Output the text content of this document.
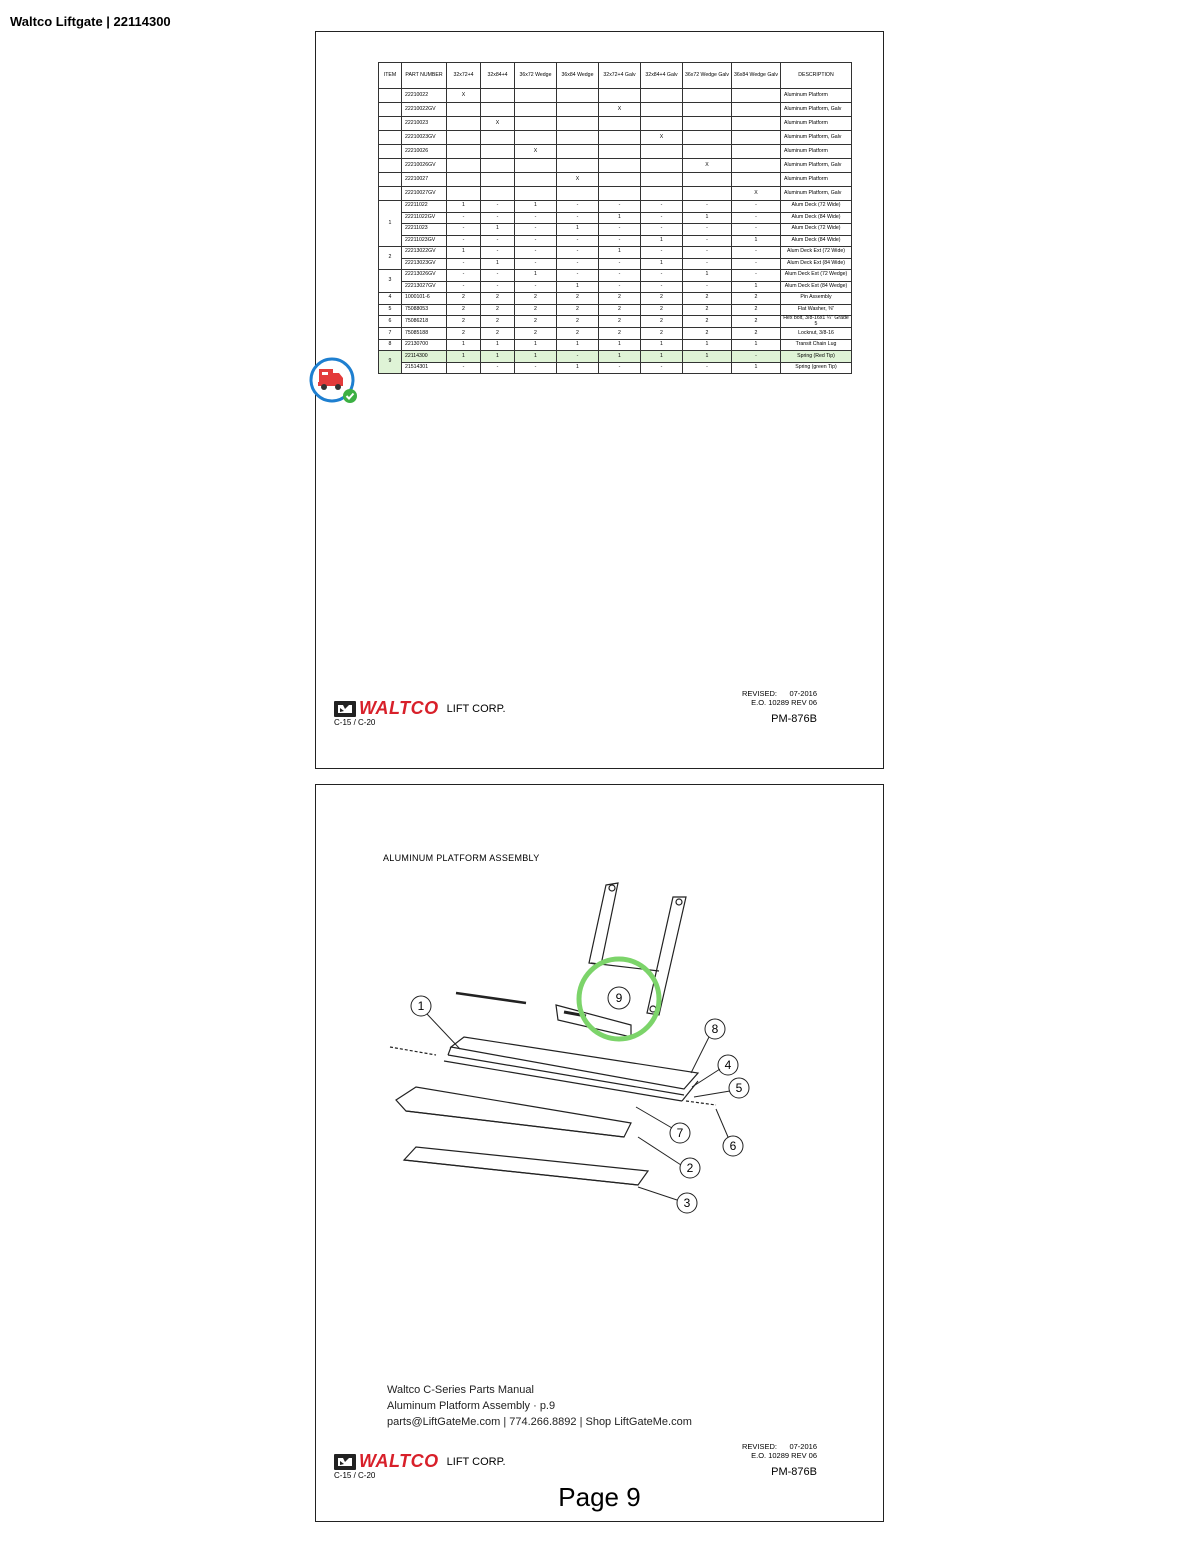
Waltco Liftgate | 22114300
ITEM	PART NUMBER	32x72+4	32x84+4	36x72 Wedge	36x84 Wedge	32x72+4 Galv	32x84+4 Galv	36x72 Wedge Galv	36x84 Wedge Galv	DESCRIPTION
	22210022	X								Aluminum Platform
	22210022GV					X				Aluminum Platform, Galv
	22210023		X							Aluminum Platform
	22210023GV						X			Aluminum Platform, Galv
	22210026			X						Aluminum Platform
	22210026GV							X		Aluminum Platform, Galv
	22210027				X					Aluminum Platform
	22210027GV								X	Aluminum Platform, Galv
1	22211022	1	-	1	-	-	-	-	-	Alum Deck (72 Wide)
	22211022GV	-	-	-	-	1	-	1	-	Alum Deck (84 Wide)
	22211023	-	1	-	1	-	-	-	-	Alum Deck (72 Wide)
	22211023GV	-	-	-	-	-	1	-	1	Alum Deck (84 Wide)
2	22213022GV	1	-	-	-	1	-	-	-	Alum Deck Ext (72 Wide)
	22213023GV	-	1	-	-	-	1	-	-	Alum Deck Ext (84 Wide)
3	22213026GV	-	-	1	-	-	-	1	-	Alum Deck Ext (72 Wedge)
	22213027GV	-	-	-	1	-	-	-	1	Alum Deck Ext (84 Wedge)
4	1000101-6	2	2	2	2	2	2	2	2	Pin Assembly
5	75088053	2	2	2	2	2	2	2	2	Flat Washer, ⅜"
6	75086218	2	2	2	2	2	2	2	2	Hex bolt, 3/8-16x1 ¼" Grade 5
7	75085188	2	2	2	2	2	2	2	2	Locknut, 3/8-16
8	22130700	1	1	1	1	1	1	1	1	Transit Chain Lug
9	22114300	1	1	1	-	1	1	1	-	Spring (Red Tip)
	21514301	-	-	-	1	-	-	-	1	Spring (green Tip)
WALTCO LIFT CORP.
C-15 / C-20
REVISED: 07-2016
E.O. 10289 REV 06
PM-876B
ALUMINUM PLATFORM ASSEMBLY
1
9
8
4
5
6
7
2
3
Waltco C-Series Parts Manual
Aluminum Platform Assembly · p.9
parts@LiftGateMe.com | 774.266.8892 | Shop LiftGateMe.com
WALTCO LIFT CORP.
C-15 / C-20
REVISED: 07-2016
E.O. 10289 REV 06
PM-876B
Page 9
